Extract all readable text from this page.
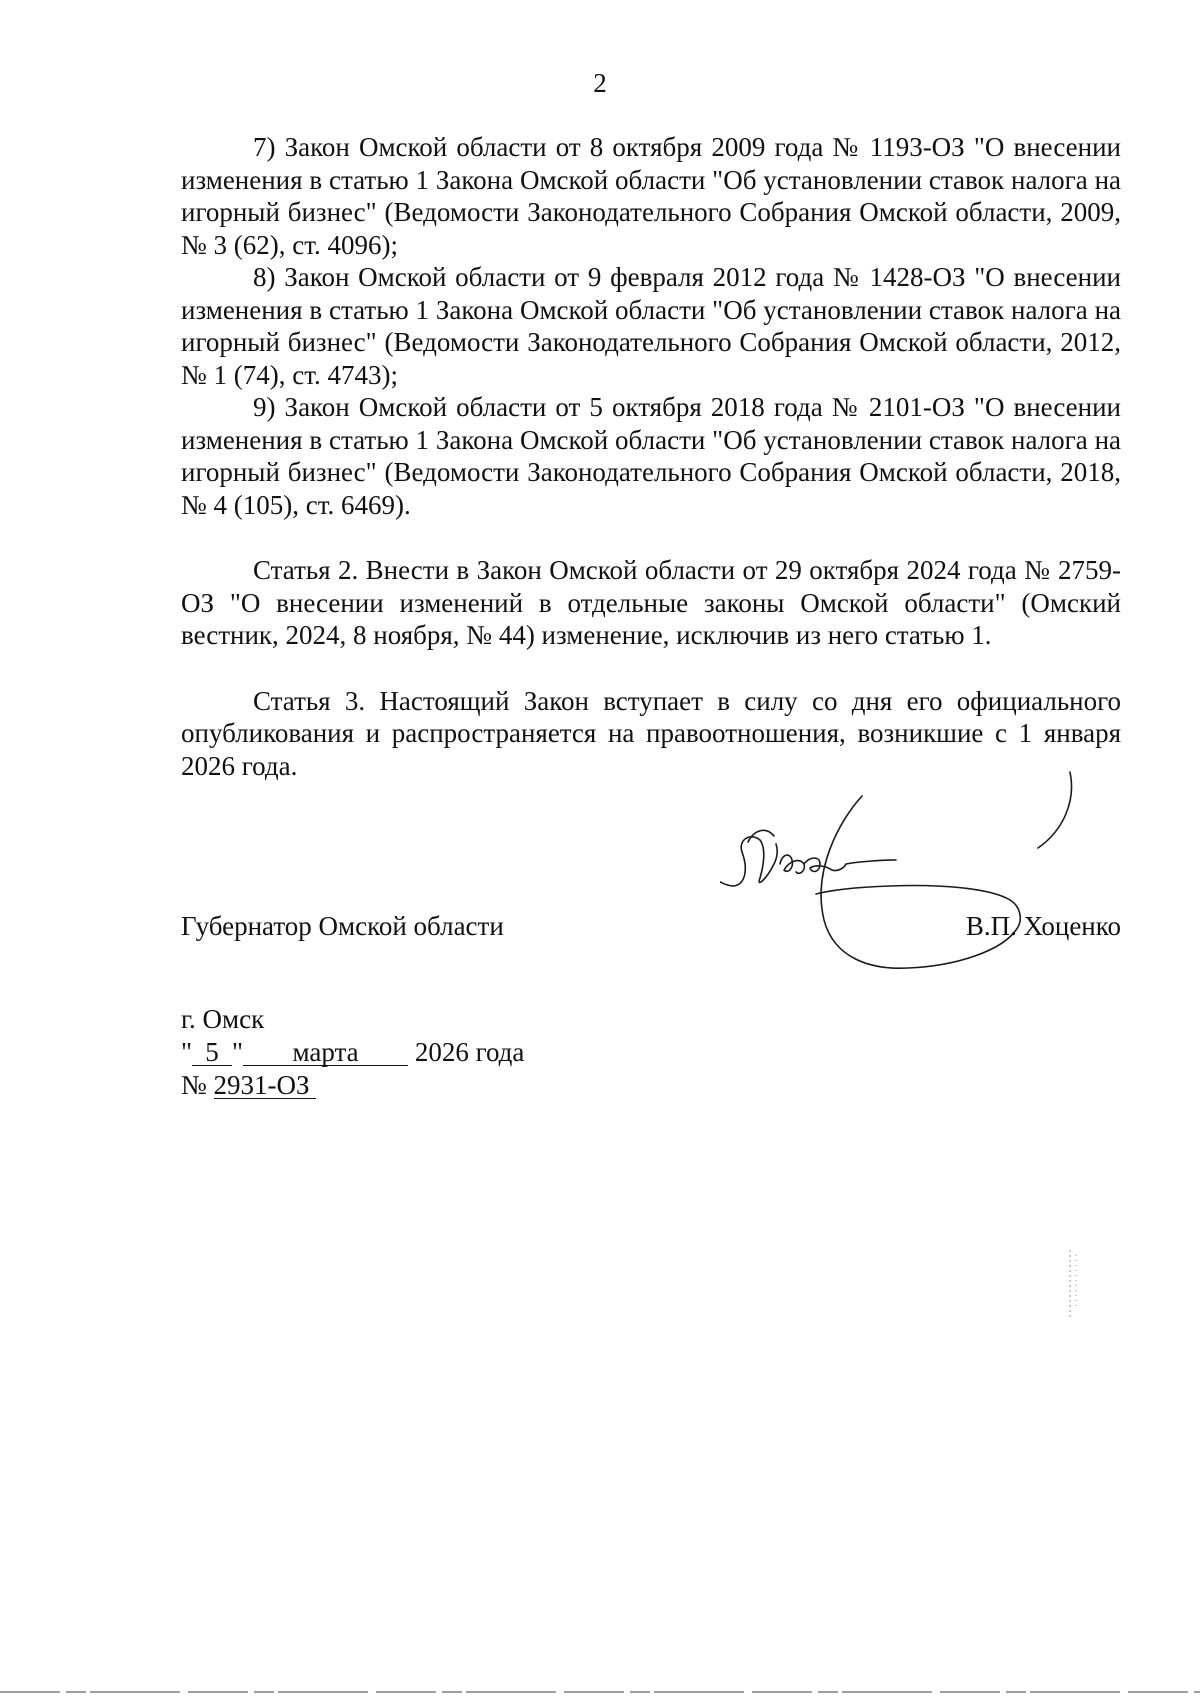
2

7) Закон Омской области от 8 октября 2009 года № 1193-ОЗ "О внесении изменения в статью 1 Закона Омской области "Об установлении ставок налога на игорный бизнес" (Ведомости Законодательного Собрания Омской области, 2009, № 3 (62), ст. 4096);

8) Закон Омской области от 9 февраля 2012 года № 1428-ОЗ "О внесении изменения в статью 1 Закона Омской области "Об установлении ставок налога на игорный бизнес" (Ведомости Законодательного Собрания Омской области, 2012, № 1 (74), ст. 4743);

9) Закон Омской области от 5 октября 2018 года № 2101-ОЗ "О внесении изменения в статью 1 Закона Омской области "Об установлении ставок налога на игорный бизнес" (Ведомости Законодательного Собрания Омской области, 2018, № 4 (105), ст. 6469).

Статья 2. Внести в Закон Омской области от 29 октября 2024 года № 2759-ОЗ "О внесении изменений в отдельные законы Омской области" (Омский вестник, 2024, 8 ноября, № 44) изменение, исключив из него статью 1.

Статья 3. Настоящий Закон вступает в силу со дня его официального опубликования и распространяется на правоотношения, возникшие с 1 января 2026 года.

Губернатор Омской области	В.П. Хоценко
г. Омск
" 5 " марта 2026 года
№ 2931-ОЗ
